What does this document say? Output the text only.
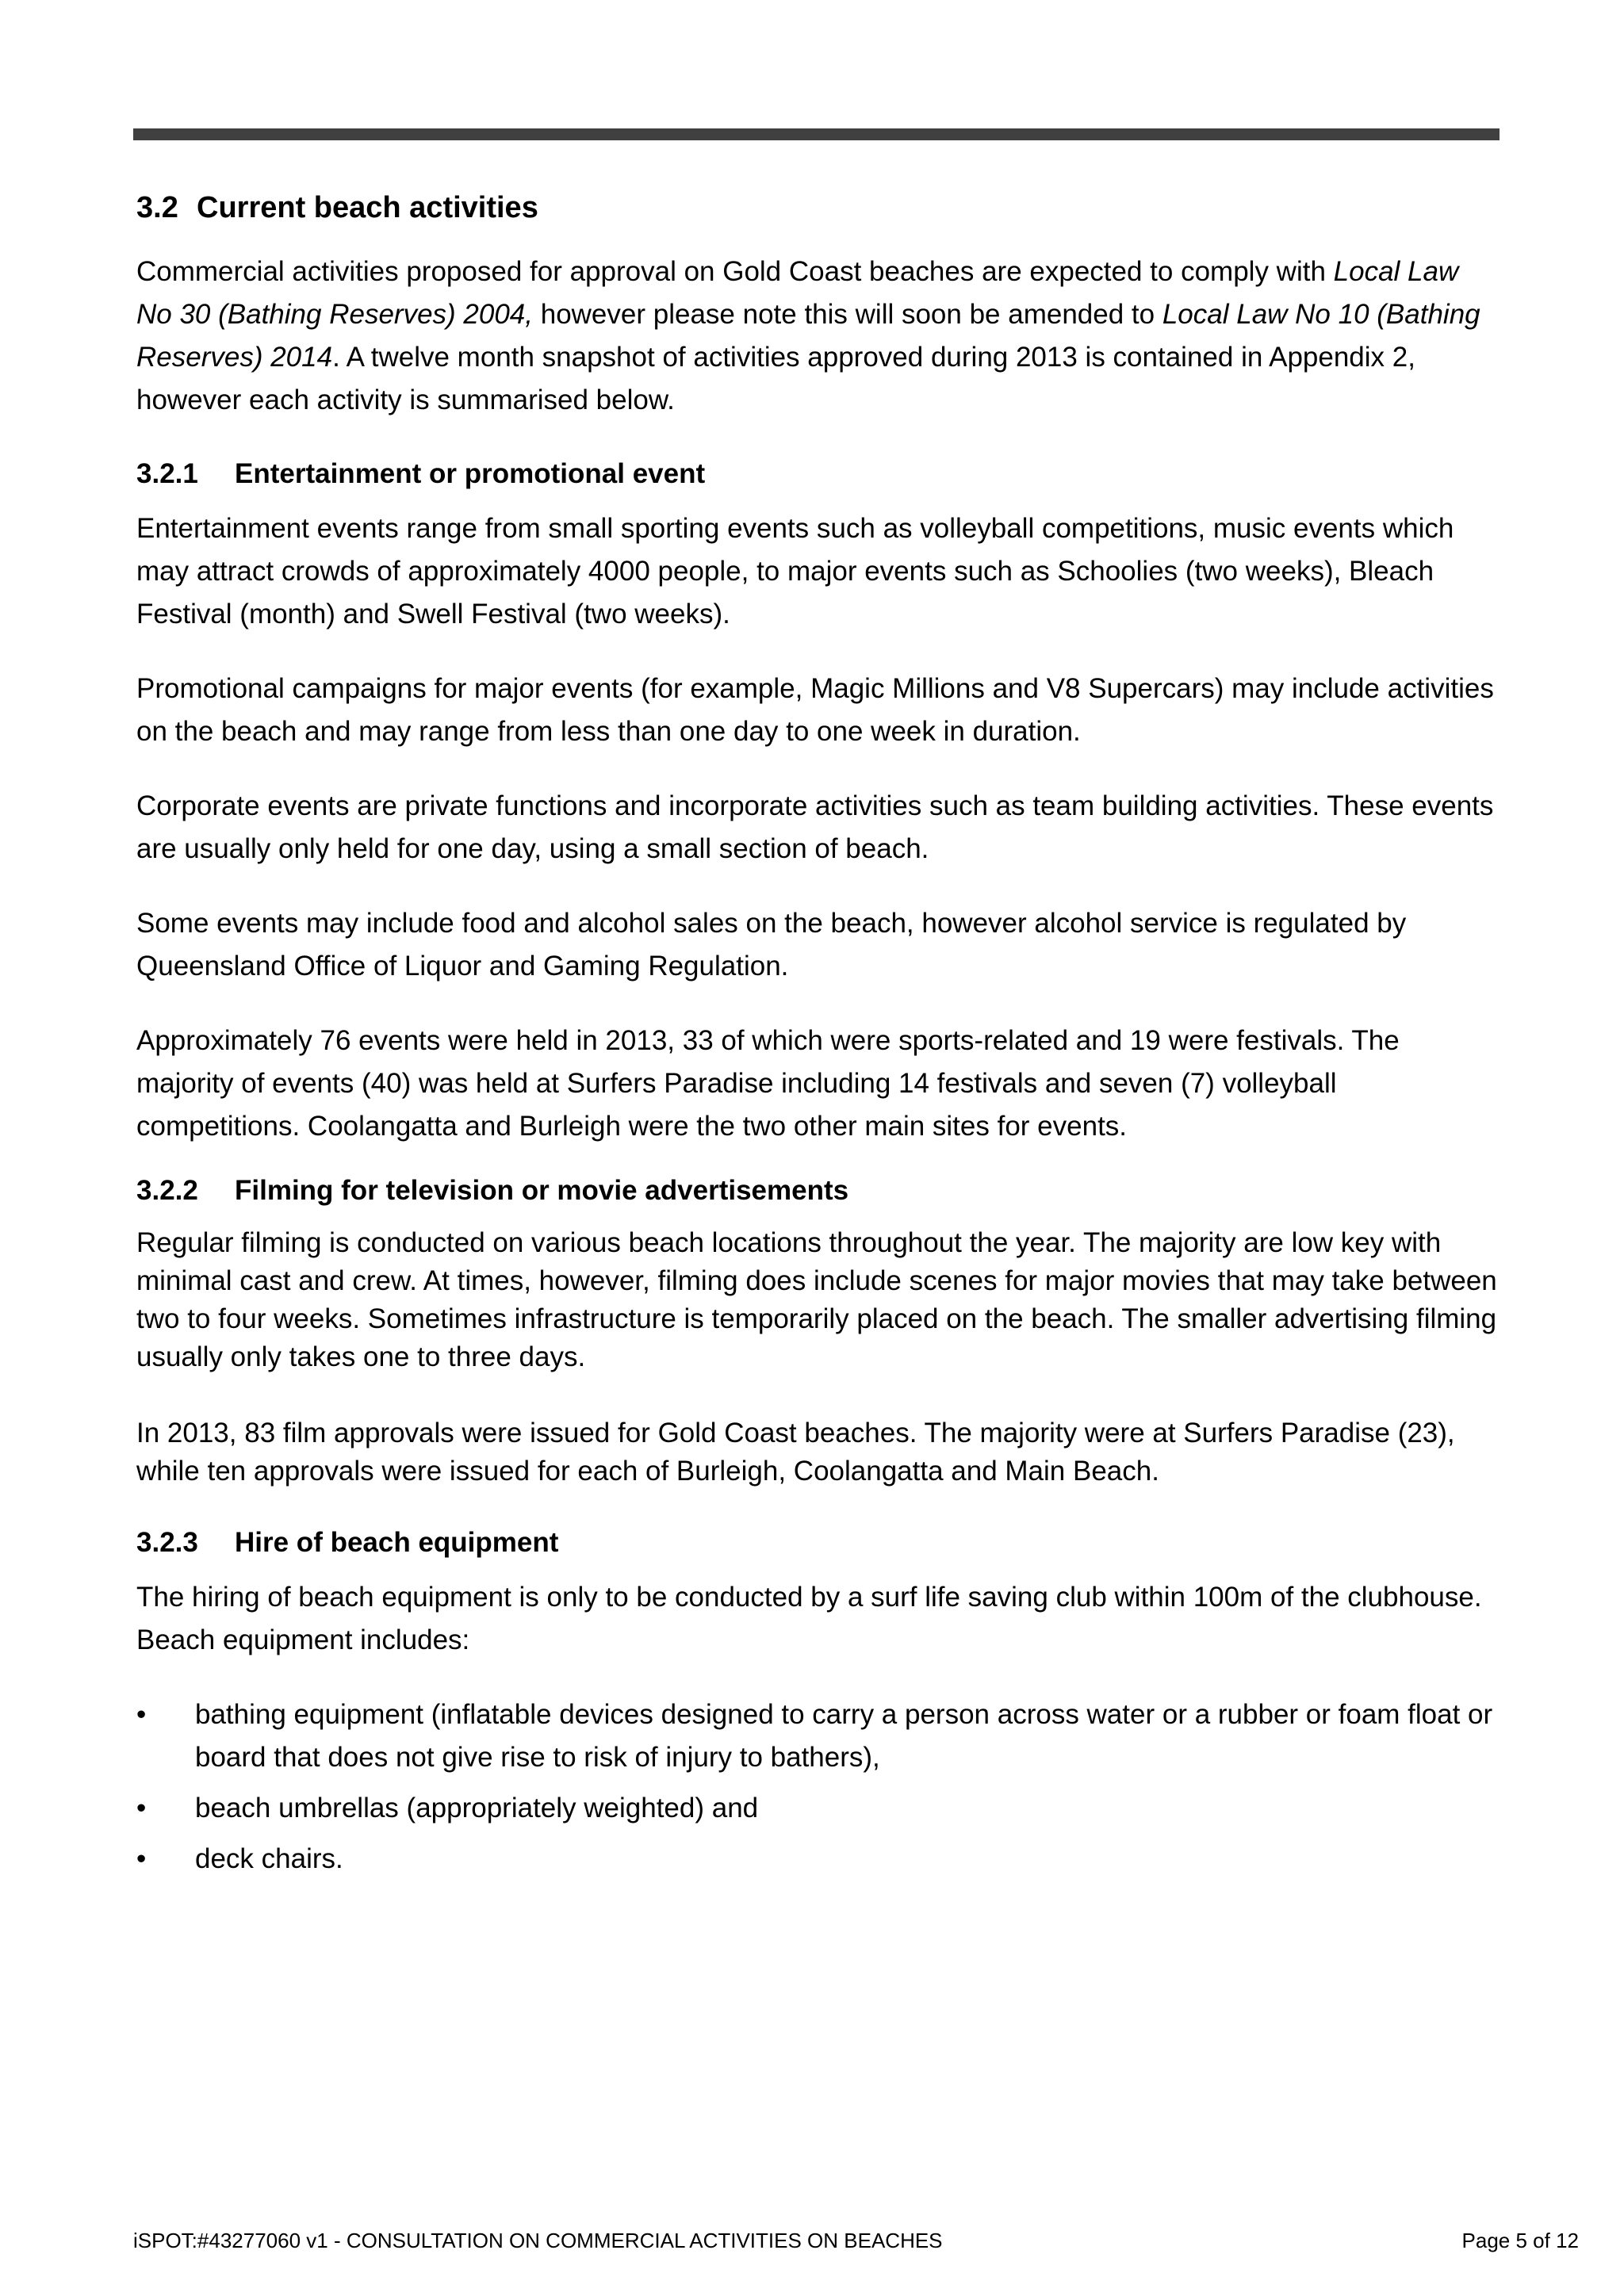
3.2 Current beach activities

Commercial activities proposed for approval on Gold Coast beaches are expected to comply with Local Law No 30 (Bathing Reserves) 2004, however please note this will soon be amended to Local Law No 10 (Bathing Reserves) 2014. A twelve month snapshot of activities approved during 2013 is contained in Appendix 2, however each activity is summarised below.

3.2.1 Entertainment or promotional event

Entertainment events range from small sporting events such as volleyball competitions, music events which may attract crowds of approximately 4000 people, to major events such as Schoolies (two weeks), Bleach Festival (month) and Swell Festival (two weeks).

Promotional campaigns for major events (for example, Magic Millions and V8 Supercars) may include activities on the beach and may range from less than one day to one week in duration.

Corporate events are private functions and incorporate activities such as team building activities. These events are usually only held for one day, using a small section of beach.

Some events may include food and alcohol sales on the beach, however alcohol service is regulated by Queensland Office of Liquor and Gaming Regulation.

Approximately 76 events were held in 2013, 33 of which were sports-related and 19 were festivals. The majority of events (40) was held at Surfers Paradise including 14 festivals and seven (7) volleyball competitions. Coolangatta and Burleigh were the two other main sites for events.

3.2.2 Filming for television or movie advertisements

Regular filming is conducted on various beach locations throughout the year. The majority are low key with minimal cast and crew. At times, however, filming does include scenes for major movies that may take between two to four weeks. Sometimes infrastructure is temporarily placed on the beach. The smaller advertising filming usually only takes one to three days.

In 2013, 83 film approvals were issued for Gold Coast beaches. The majority were at Surfers Paradise (23), while ten approvals were issued for each of Burleigh, Coolangatta and Main Beach.

3.2.3 Hire of beach equipment

The hiring of beach equipment is only to be conducted by a surf life saving club within 100m of the clubhouse. Beach equipment includes:

• bathing equipment (inflatable devices designed to carry a person across water or a rubber or foam float or board that does not give rise to risk of injury to bathers),
• beach umbrellas (appropriately weighted) and
• deck chairs.
iSPOT:#43277060 v1 - CONSULTATION ON COMMERCIAL ACTIVITIES ON BEACHES	Page 5 of 12
